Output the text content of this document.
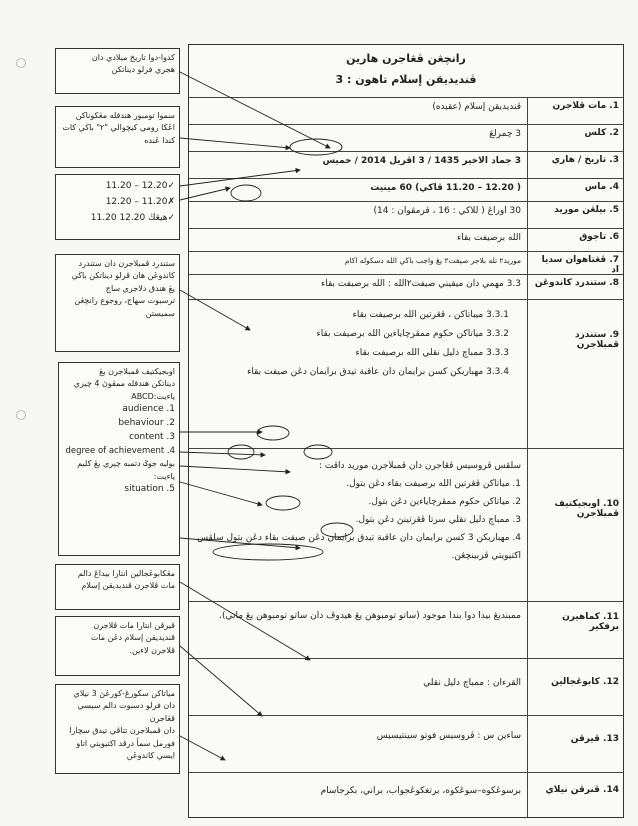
رانچڠن ڤڠاجرن هارين
ڤنديديقن إسلام تاهون : 3
1. مات ڤلاجرن
ڤنديديقن إسلام (عقيده)
2. كلس
3 چمرلڠ
3. تاريخ / هاري
3 جماد الاخير 1435 / 3 اڤريل 2014 / خميس
4. ماس
( 12.20 – 11.20 ڤاكي) 60 مينيت
5. بيلڠن موريد
30 اوراڠ ( للاكي : 16 ، ڤرمڤوان : 14)
6. تاجوق
الله برصيفت بقاء
7. ڤڠتاهوان سديا اد
موريد٢ تله بلاجر صيفت٢ يڠ واجب باڬي الله دسكوله اكام
8. ستندرد كاندوڠن
3.3 مهمي دان ميقيني صيفت٢الله : الله برصيفت بقاء
9. ستندرد ڤمبلاجرن
3.3.1 ميباتاكن ، ڤڠرتين الله برصيفت بقاء
3.3.2 مياتاكن حكوم ممڤرچاياءين الله برصيفت بقاء
3.3.3 ممباچ دليل نقلي الله برصيفت بقاء
3.3.4 مهباريكن كسن برايمان دان عاقبة تيدق برايمان دڠن صيفت بقاء
10. اوبجيكتيف ڤمبلاجرن
سلڤس ڤروسيس ڤڠاجرن دان ڤمبلاجرن موريد داڤت :
1. مياتاكن ڤڠرتين الله برصيفت بقاء دڠن بتول.
2. مياتاكن حكوم ممڤرچاياءين دڠن بتول.
3. ممباچ دليل نقلي سرتا ڤڠرتينڽ دڠن بتول.
4. مهباريكن 3 كسن برايمان دان عاقبة تيدق برايمان دڠن صيفت بقاء دڠن بتول سلڤس اكتيويتي ڤربينچڠن.
11. كماهيرن برفكير
ممبنديڠ بيدا دوا بندا موجود (ساتو تومبوهن يڠ هيدوڤ دان ساتو تومبوهن يڠ ماتي).
12. كابوڠجالين
القرءان : ممباچ دليل نقلي
13. ڤيرڤن
ساءين س : ڤروسيس فوتو سينتيسيس
14. ڤنرڤن نيلاي
برسوڠكوه–سوڠكوه، برتغكوڠجواب، براني، بكرجاسام
كدوا-دوا تاريخ ميلادي دان
هجري فرلو ديناتكن
سموا تومبور هندقله مڠكوناكن
اڠكا رومي كيچوالي "٢" باڬي كات
كندا ڠنده
11.20 – 12.20✓
12.20 – 11.20✗
11.20 هيڠڬ 12.20✓
ستندرد ڤمبلاجرن دان ستندرد
كاندوڠن هان ڤرلو ديناتكن باڬي
يڠ هندق دلاجري ساج
ترسبوت سهاج، روجوع رانچڠن
سميستن
اوبجيكتيف ڤمبلاجرن يڠ
ديناتكن هندقله ممڤوڽ 4 چيري
ياءيت:ABCD
audience .1
behaviour .2
content .3
degree of achievement .4
بوليه جوݢ دتمبه چيري يڠ كليم
ياءيت:
situation .5
مڠكابوڠجالين انتارا بيداڠ دالم
مات ڤلاجرن ڤنديديقن إسلام
ڤيرڤن انتارا مات ڤلاجرن
ڤنديديقن إسلام دڠن مات
ڤلاجرن لاءين.
مياتاكن سكورڠ-كورڠڽ 3 نيلاي
دان فرلو دسبوت دالم سيسي ڤڠاجرن
دان ڤمبلاجرن تتاڤي تيدق سچارا
فورمل سمأ درڤد اكتيويتي اتاو
ايسي كاندوڠن
